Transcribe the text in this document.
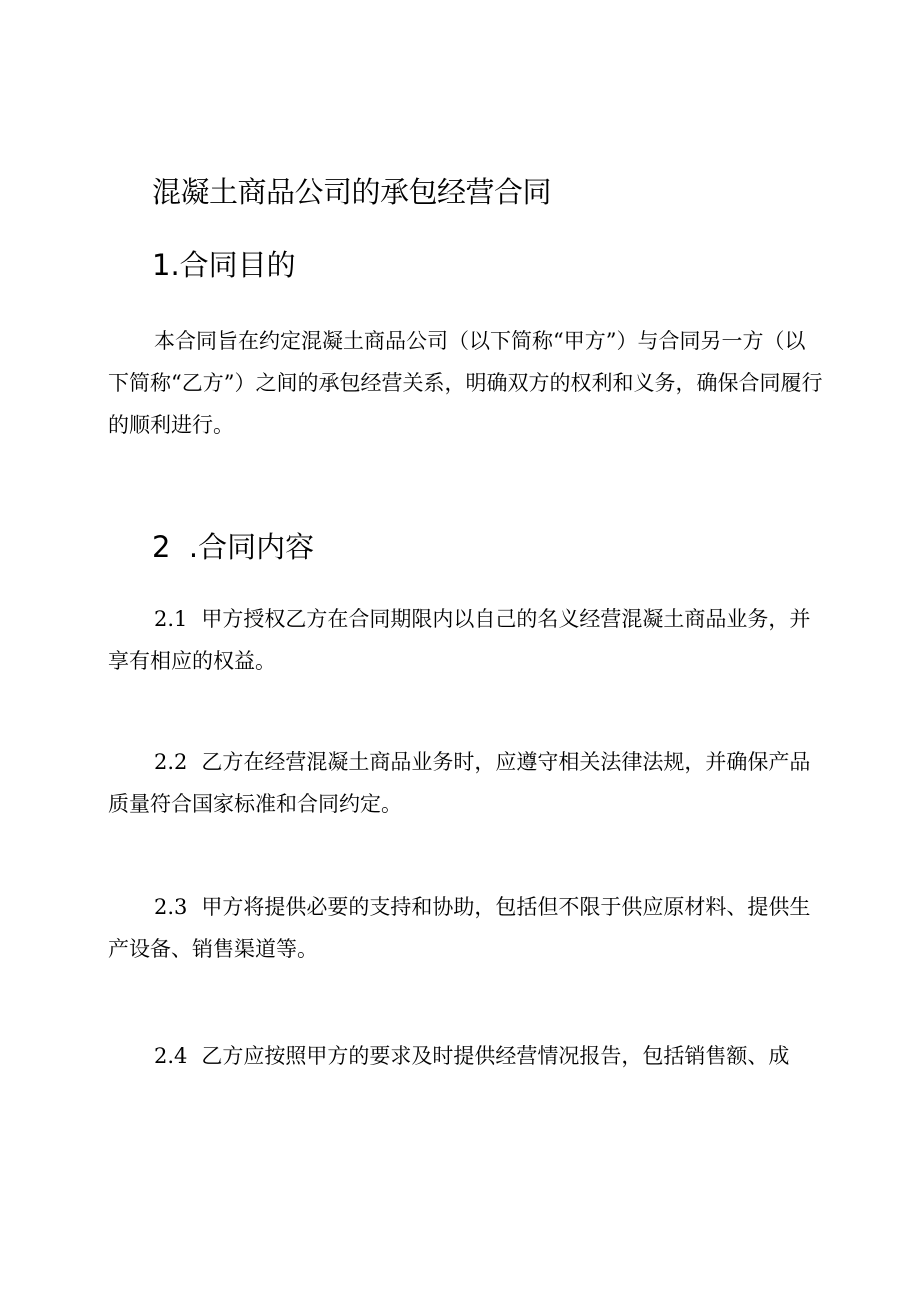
混凝土商品公司的承包经营合同
1.合同目的

本合同旨在约定混凝土商品公司（以下简称“甲方”）与合同另一方（以下简称“乙方”）之间的承包经营关系，明确双方的权利和义务，确保合同履行的顺利进行。

2  .合同内容

2.1 甲方授权乙方在合同期限内以自己的名义经营混凝土商品业务，并享有相应的权益。

2.2 乙方在经营混凝土商品业务时，应遵守相关法律法规，并确保产品质量符合国家标准和合同约定。

2.3 甲方将提供必要的支持和协助，包括但不限于供应原材料、提供生产设备、销售渠道等。

2.4 乙方应按照甲方的要求及时提供经营情况报告，包括销售额、成
